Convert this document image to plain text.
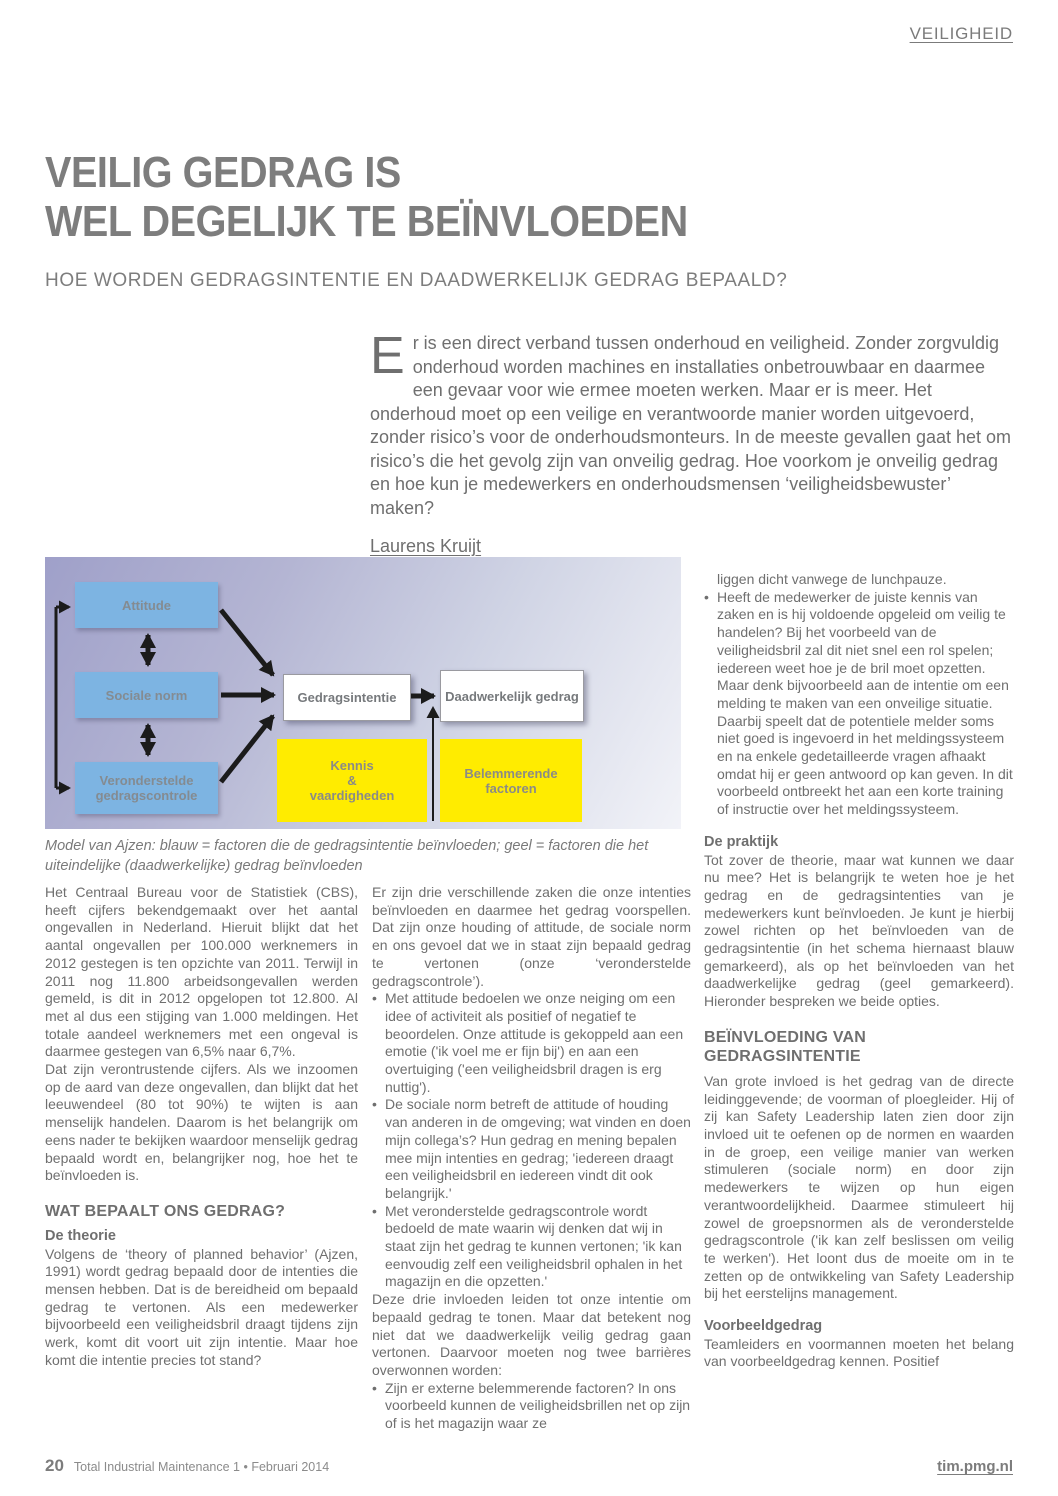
VEILIGHEID
VEILIG GEDRAG IS
WEL DEGELIJK TE BEÏNVLOEDEN
HOE WORDEN GEDRAGSINTENTIE EN DAADWERKELIJK GEDRAG BEPAALD?
Er is een direct verband tussen onderhoud en veiligheid. Zonder zorgvuldig onderhoud worden machines en installaties onbetrouwbaar en daarmee een gevaar voor wie ermee moeten werken. Maar er is meer. Het onderhoud moet op een veilige en verantwoorde manier worden uitgevoerd, zonder risico’s voor de onderhoudsmonteurs. In de meeste gevallen gaat het om risico’s die het gevolg zijn van onveilig gedrag. Hoe voorkom je onveilig gedrag en hoe kun je medewerkers en onderhoudsmensen ‘veiligheidsbewuster’ maken?
Laurens Kruijt
Attitude
Sociale norm
Veronderstelde gedragscontrole
Gedragsintentie	Daadwerkelijk gedrag
Kennis
&
vaardigheden
Belemmerende factoren
Model van Ajzen: blauw = factoren die de gedragsintentie beïnvloeden; geel = factoren die het uiteindelijke (daadwerkelijke) gedrag beïnvloeden

Het Centraal Bureau voor de Statistiek (CBS), heeft cijfers bekendgemaakt over het aantal ongevallen in Nederland. Hieruit blijkt dat het aantal ongevallen per 100.000 werknemers in 2012 gestegen is ten opzichte van 2011. Terwijl in 2011 nog 11.800 arbeidsongevallen werden gemeld, is dit in 2012 opgelopen tot 12.800. Al met al dus een stijging van 1.000 meldingen. Het totale aandeel werknemers met een ongeval is daarmee gestegen van 6,5% naar 6,7%.

Dat zijn verontrustende cijfers. Als we inzoomen op de aard van deze ongevallen, dan blijkt dat het leeuwendeel (80 tot 90%) te wijten is aan menselijk handelen. Daarom is het belangrijk om eens nader te bekijken waardoor menselijk gedrag bepaald wordt en, belangrijker nog, hoe het te beïnvloeden is.

WAT BEPAALT ONS GEDRAG?
De theorie

Volgens de ‘theory of planned behavior’ (Ajzen, 1991) wordt gedrag bepaald door de intenties die mensen hebben. Dat is de bereidheid om bepaald gedrag te vertonen. Als een medewerker bijvoorbeeld een veiligheidsbril draagt tijdens zijn werk, komt dit voort uit zijn intentie. Maar hoe komt die intentie precies tot stand?

Er zijn drie verschillende zaken die onze intenties beïnvloeden en daarmee het gedrag voorspellen. Dat zijn onze houding of attitude, de sociale norm en ons gevoel dat we in staat zijn bepaald gedrag te vertonen (onze ‘veronderstelde gedragscontrole’).

• Met attitude bedoelen we onze neiging om een idee of activiteit als positief of negatief te beoordelen. Onze attitude is gekoppeld aan een emotie ('ik voel me er fijn bij') en aan een overtuiging ('een veiligheidsbril dragen is erg nuttig').
• De sociale norm betreft de attitude of houding van anderen in de omgeving; wat vinden en doen mijn collega’s? Hun gedrag en mening bepalen mee mijn intenties en gedrag; 'iedereen draagt een veiligheidsbril en iedereen vindt dit ook belangrijk.'
• Met veronderstelde gedragscontrole wordt bedoeld de mate waarin wij denken dat wij in staat zijn het gedrag te kunnen vertonen; 'ik kan eenvoudig zelf een veiligheidsbril ophalen in het magazijn en die opzetten.'

Deze drie invloeden leiden tot onze intentie om bepaald gedrag te tonen. Maar dat betekent nog niet dat we daadwerkelijk veilig gedrag gaan vertonen. Daarvoor moeten nog twee barrières overwonnen worden:

• Zijn er externe belemmerende factoren? In ons voorbeeld kunnen de veiligheidsbrillen net op zijn of is het magazijn waar ze
liggen dicht vanwege de lunchpauze.
• Heeft de medewerker de juiste kennis van zaken en is hij voldoende opgeleid om veilig te handelen? Bij het voorbeeld van de veiligheidsbril zal dit niet snel een rol spelen; iedereen weet hoe je de bril moet opzetten. Maar denk bijvoorbeeld aan de intentie om een melding te maken van een onveilige situatie. Daarbij speelt dat de potentiele melder soms niet goed is ingevoerd in het meldingssysteem en na enkele gedetailleerde vragen afhaakt omdat hij er geen antwoord op kan geven. In dit voorbeeld ontbreekt het aan een korte training of instructie over het meldingssysteem.
De praktijk

Tot zover de theorie, maar wat kunnen we daar nu mee? Het is belangrijk te weten hoe je het gedrag en de gedragsintenties van je medewerkers kunt beïnvloeden. Je kunt je hierbij zowel richten op het beïnvloeden van de gedragsintentie (in het schema hiernaast blauw gemarkeerd), als op het beïnvloeden van het daadwerkelijke gedrag (geel gemarkeerd). Hieronder bespreken we beide opties.

BEÏNVLOEDING VAN GEDRAGSINTENTIE

Van grote invloed is het gedrag van de directe leidinggevende; de voorman of ploegleider. Hij of zij kan Safety Leadership laten zien door zijn invloed uit te oefenen op de normen en waarden in de groep, een veilige manier van werken stimuleren (sociale norm) en door zijn medewerkers te wijzen op hun eigen verantwoordelijkheid. Daarmee stimuleert hij zowel de groepsnormen als de veronderstelde gedragscontrole ('ik kan zelf beslissen om veilig te werken'). Het loont dus de moeite om in te zetten op de ontwikkeling van Safety Leadership bij het eerstelijns management.

Voorbeeldgedrag

Teamleiders en voormannen moeten het belang van voorbeeldgedrag kennen. Positief

20 Total Industrial Maintenance 1 • Februari 2014	tim.pmg.nl
